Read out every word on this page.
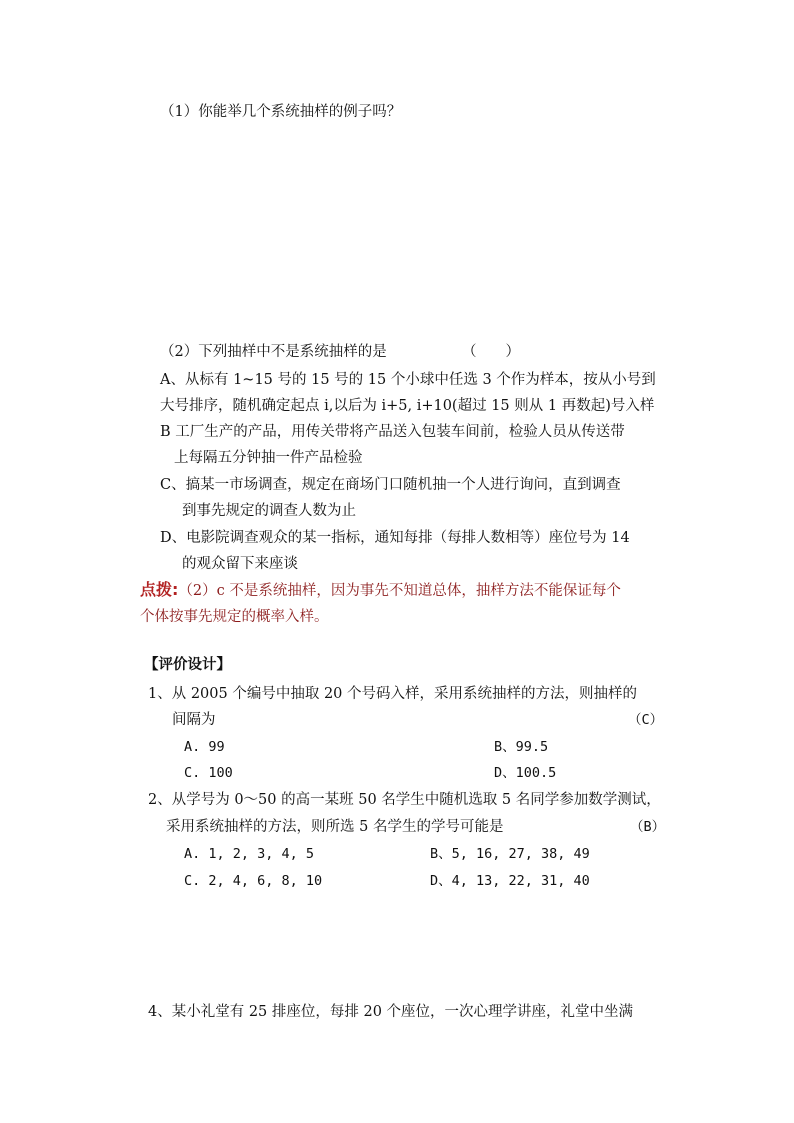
（1）你能举几个系统抽样的例子吗？
（2）下列抽样中不是系统抽样的是	（　　）
A、从标有 1~15 号的 15 号的 15 个小球中任选 3 个作为样本，按从小号到
大号排序，随机确定起点 i,以后为 i+5, i+10(超过 15 则从 1 再数起)号入样
B 工厂生产的产品，用传关带将产品送入包装车间前，检验人员从传送带
上每隔五分钟抽一件产品检验
C、搞某一市场调查，规定在商场门口随机抽一个人进行询问，直到调查
到事先规定的调查人数为止
D、电影院调查观众的某一指标，通知每排（每排人数相等）座位号为 14
的观众留下来座谈
点拨:（2）c 不是系统抽样，因为事先不知道总体，抽样方法不能保证每个
个体按事先规定的概率入样。
【评价设计】
1、从 2005 个编号中抽取 20 个号码入样，采用系统抽样的方法，则抽样的
间隔为	（C）
A. 99	B、99.5
C. 100	D、100.5
2、从学号为 0～50 的高一某班 50 名学生中随机选取 5 名同学参加数学测试，
采用系统抽样的方法，则所选 5 名学生的学号可能是	（B）
A. 1, 2, 3, 4, 5	B、5, 16, 27, 38, 49
C. 2, 4, 6, 8, 10	D、4, 13, 22, 31, 40
4、某小礼堂有 25 排座位，每排 20 个座位，一次心理学讲座，礼堂中坐满
